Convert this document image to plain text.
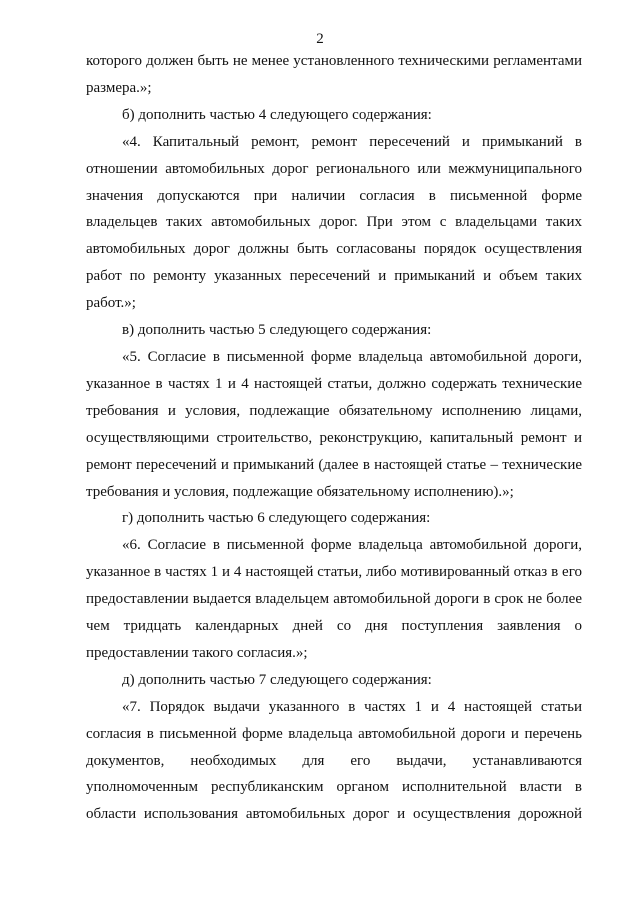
2

которого должен быть не менее установленного техническими регламентами размера.»;

б) дополнить частью 4 следующего содержания:

«4. Капитальный ремонт, ремонт пересечений и примыканий в отношении автомобильных дорог регионального или межмуниципального значения допускаются при наличии согласия в письменной форме владельцев таких автомобильных дорог. При этом с владельцами таких автомобильных дорог должны быть согласованы порядок осуществления работ по ремонту указанных пересечений и примыканий и объем таких работ.»;

в) дополнить частью 5 следующего содержания:

«5. Согласие в письменной форме владельца автомобильной дороги, указанное в частях 1 и 4 настоящей статьи, должно содержать технические требования и условия, подлежащие обязательному исполнению лицами, осуществляющими строительство, реконструкцию, капитальный ремонт и ремонт пересечений и примыканий (далее в настоящей статье – технические требования и условия, подлежащие обязательному исполнению).»;

г) дополнить частью 6 следующего содержания:

«6. Согласие в письменной форме владельца автомобильной дороги, указанное в частях 1 и 4 настоящей статьи, либо мотивированный отказ в его предоставлении выдается владельцем автомобильной дороги в срок не более чем тридцать календарных дней со дня поступления заявления о предоставлении такого согласия.»;

д) дополнить частью 7 следующего содержания:

«7. Порядок выдачи указанного в частях 1 и 4 настоящей статьи согласия в письменной форме владельца автомобильной дороги и перечень документов, необходимых для его выдачи, устанавливаются уполномоченным республиканским органом исполнительной власти в области использования автомобильных дорог и осуществления дорожной
